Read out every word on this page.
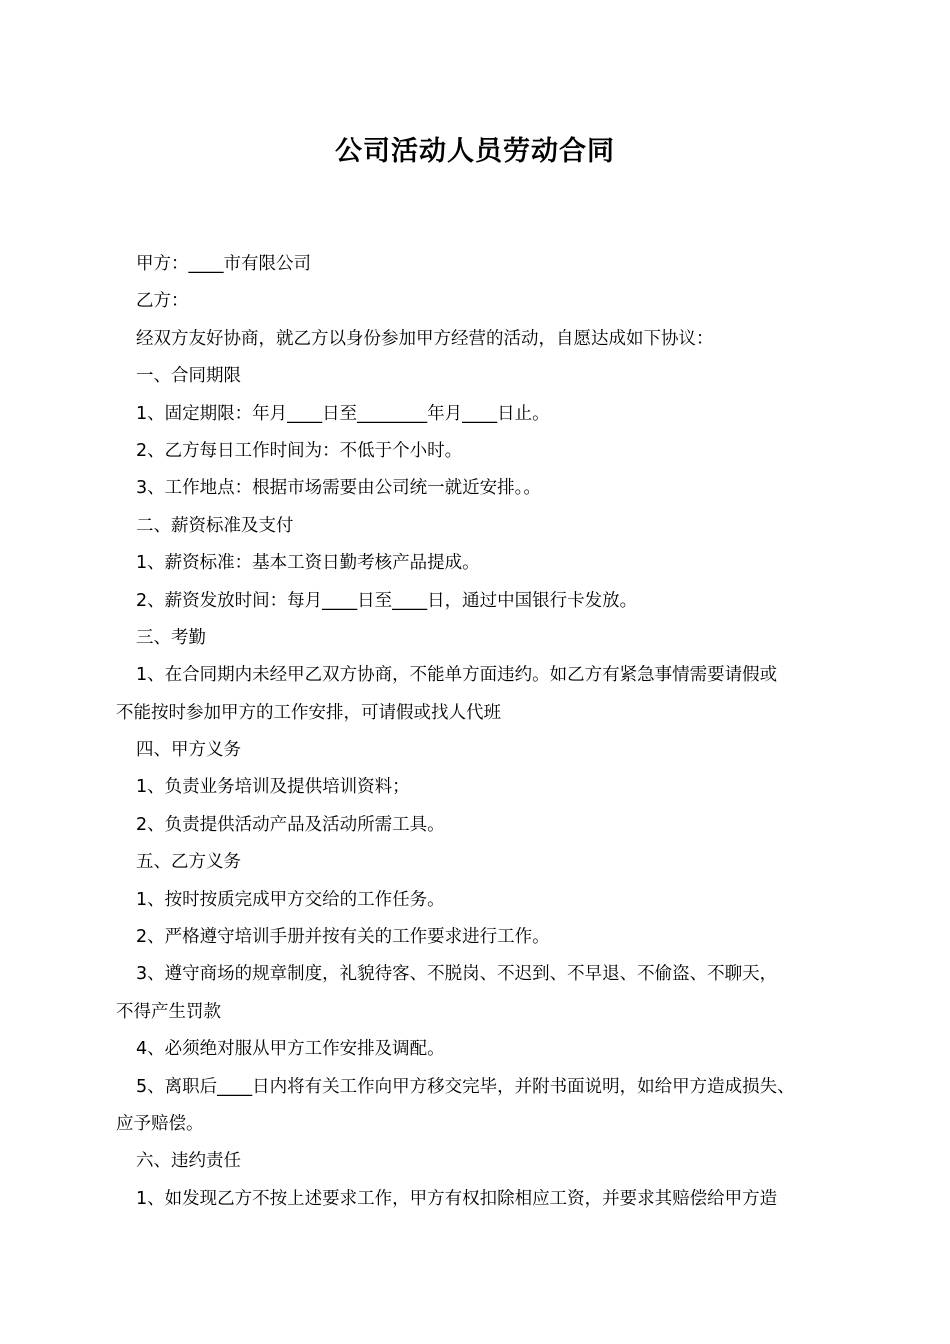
公司活动人员劳动合同
甲方：____市有限公司
乙方：
经双方友好协商，就乙方以身份参加甲方经营的活动，自愿达成如下协议：
一、合同期限
1、固定期限：年月____日至________年月____日止。
2、乙方每日工作时间为：不低于个小时。
3、工作地点：根据市场需要由公司统一就近安排。。
二、薪资标准及支付
1、薪资标准：基本工资日勤考核产品提成。
2、薪资发放时间：每月____日至____日，通过中国银行卡发放。
三、考勤
1、在合同期内未经甲乙双方协商，不能单方面违约。如乙方有紧急事情需要请假或
不能按时参加甲方的工作安排，可请假或找人代班
四、甲方义务
1、负责业务培训及提供培训资料；
2、负责提供活动产品及活动所需工具。
五、乙方义务
1、按时按质完成甲方交给的工作任务。
2、严格遵守培训手册并按有关的工作要求进行工作。
3、遵守商场的规章制度，礼貌待客、不脱岗、不迟到、不早退、不偷盗、不聊天，
不得产生罚款
4、必须绝对服从甲方工作安排及调配。
5、离职后____日内将有关工作向甲方移交完毕，并附书面说明，如给甲方造成损失、
应予赔偿。
六、违约责任
1、如发现乙方不按上述要求工作，甲方有权扣除相应工资，并要求其赔偿给甲方造
